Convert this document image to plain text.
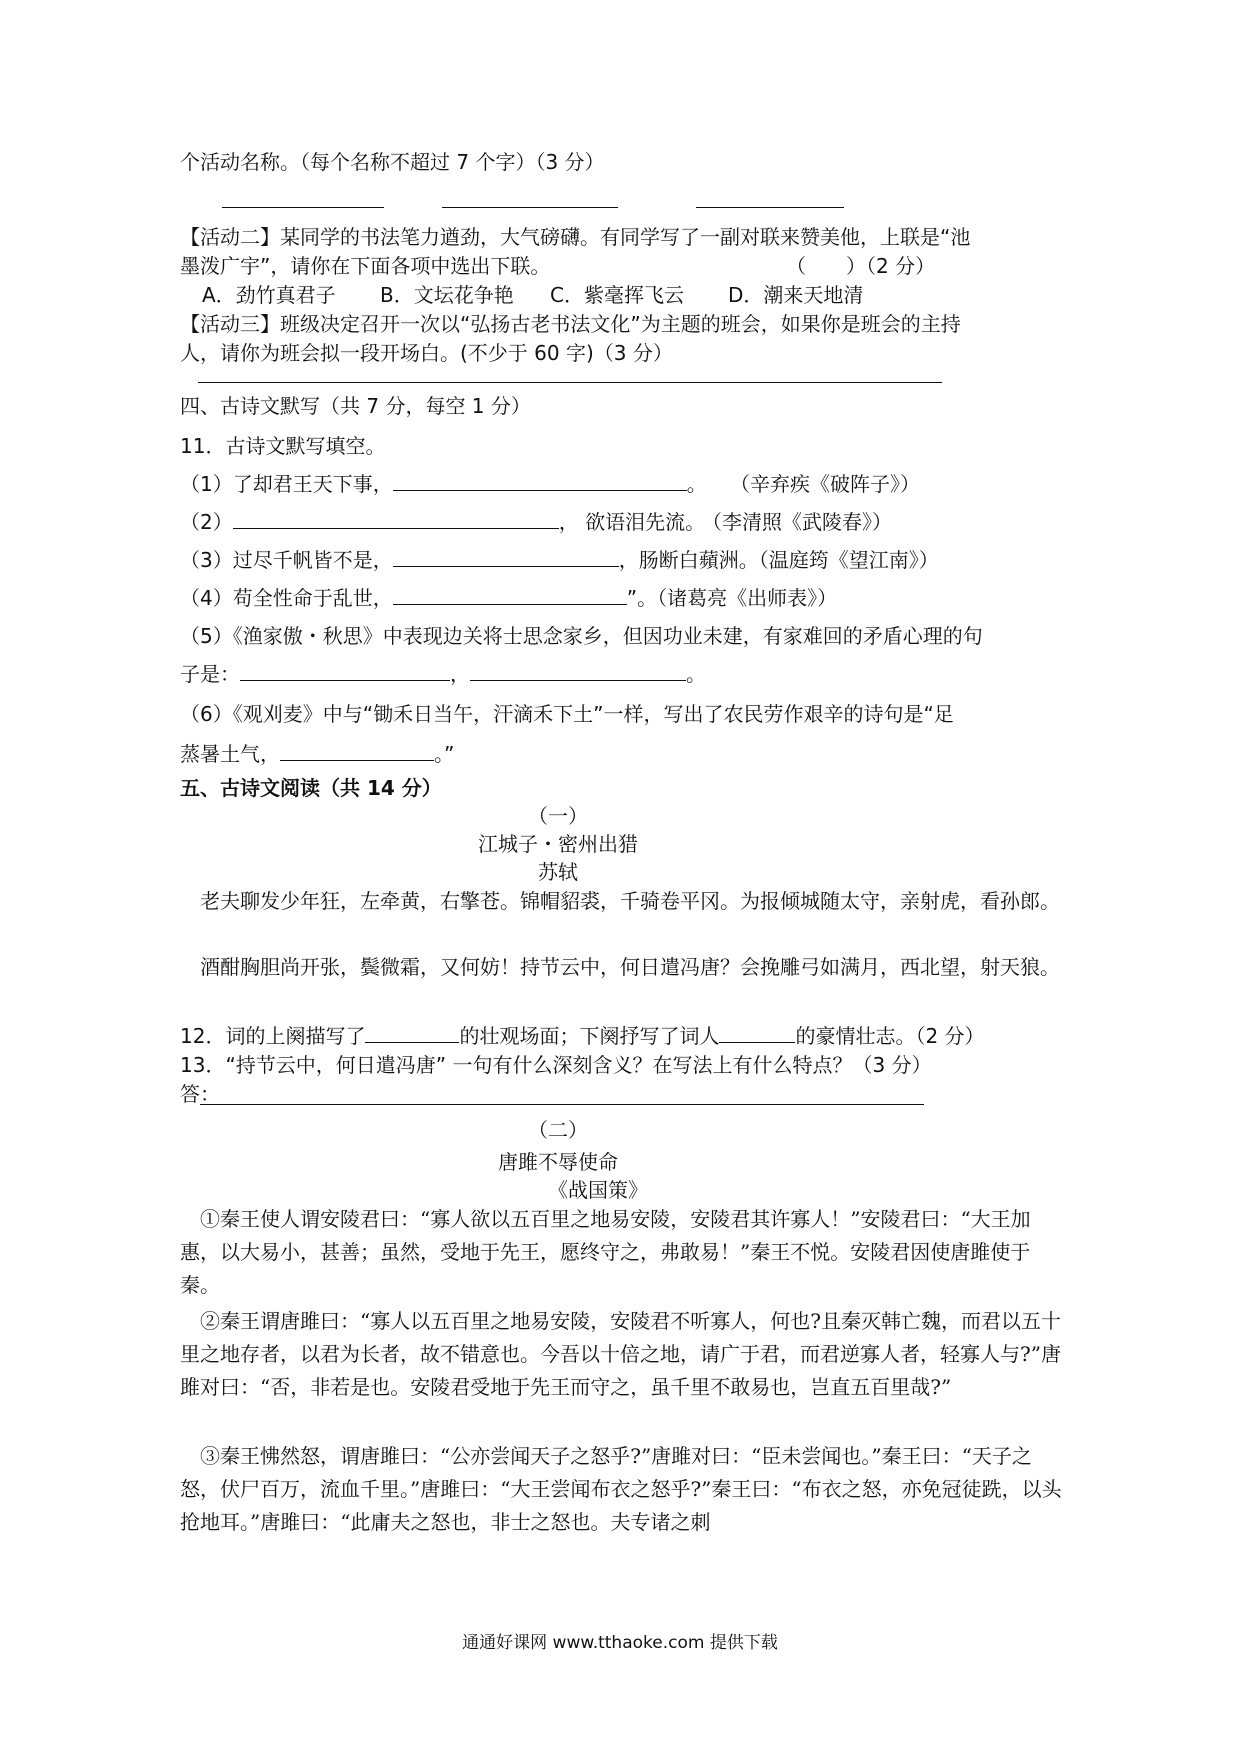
个活动名称。（每个名称不超过 7 个字）（3 分）
【活动二】某同学的书法笔力遒劲，大气磅礴。有同学写了一副对联来赞美他，上联是“池
墨泼广宇”，请你在下面各项中选出下联。	（　　）（2 分）
A．劲竹真君子 B．文坛花争艳 C．紫毫挥飞云 D．潮来天地清
【活动三】班级决定召开一次以“弘扬古老书法文化”为主题的班会，如果你是班会的主持
人，请你为班会拟一段开场白。(不少于 60 字)（3 分）
四、古诗文默写（共 7 分，每空 1 分）
11．古诗文默写填空。
（1）了却君王天下事，	。 （辛弃疾《破阵子》）
（2）	， 欲语泪先流。
（李清照《武陵春》）
（3）过尽千帆皆不是，	，肠断白蘋洲。（温庭筠《望江南》）
（4）苟全性命于乱世，	”。（诸葛亮《出师表》）
（5）《渔家傲・秋思》中表现边关将士思念家乡，但因功业未建，有家难回的矛盾心理的句
子是：	，	。
（6）《观刈麦》中与“锄禾日当午，汗滴禾下土”一样，写出了农民劳作艰辛的诗句是“足
蒸暑土气，	。”
五、古诗文阅读（共 14 分）
（一）
江城子・密州出猎
苏轼
老夫聊发少年狂，左牵黄，右擎苍。锦帽貂裘，千骑卷平冈。为报倾城随太守，亲射虎，看孙郎。
酒酣胸胆尚开张，鬓微霜，又何妨！持节云中，何日遣冯唐？会挽雕弓如满月，西北望，射天狼。
12．词的上阕描写了	的壮观场面；下阕抒写了词人	的豪情壮志。（2 分）
13．“持节云中，何日遣冯唐” 一句有什么深刻含义？在写法上有什么特点？（3 分）
答：
（二）
唐雎不辱使命
《战国策》
①秦王使人谓安陵君曰：“寡人欲以五百里之地易安陵，安陵君其许寡人！”安陵君曰：“大王加惠，以大易小，甚善；虽然，受地于先王，愿终守之，弗敢易！”秦王不悦。安陵君因使唐雎使于秦。
②秦王谓唐雎曰：“寡人以五百里之地易安陵，安陵君不听寡人，何也?且秦灭韩亡魏，而君以五十里之地存者，以君为长者，故不错意也。今吾以十倍之地，请广于君，而君逆寡人者，轻寡人与?”唐雎对曰：“否，非若是也。安陵君受地于先王而守之，虽千里不敢易也，岂直五百里哉?”
③秦王怫然怒，谓唐雎曰：“公亦尝闻天子之怒乎?”唐雎对曰：“臣未尝闻也。”秦王曰：“天子之怒，伏尸百万，流血千里。”唐雎曰：“大王尝闻布衣之怒乎?”秦王曰：“布衣之怒，亦免冠徒跣，以头抢地耳。”唐雎曰：“此庸夫之怒也，非士之怒也。夫专诸之刺
通通好课网 www.tthaoke.com 提供下载
